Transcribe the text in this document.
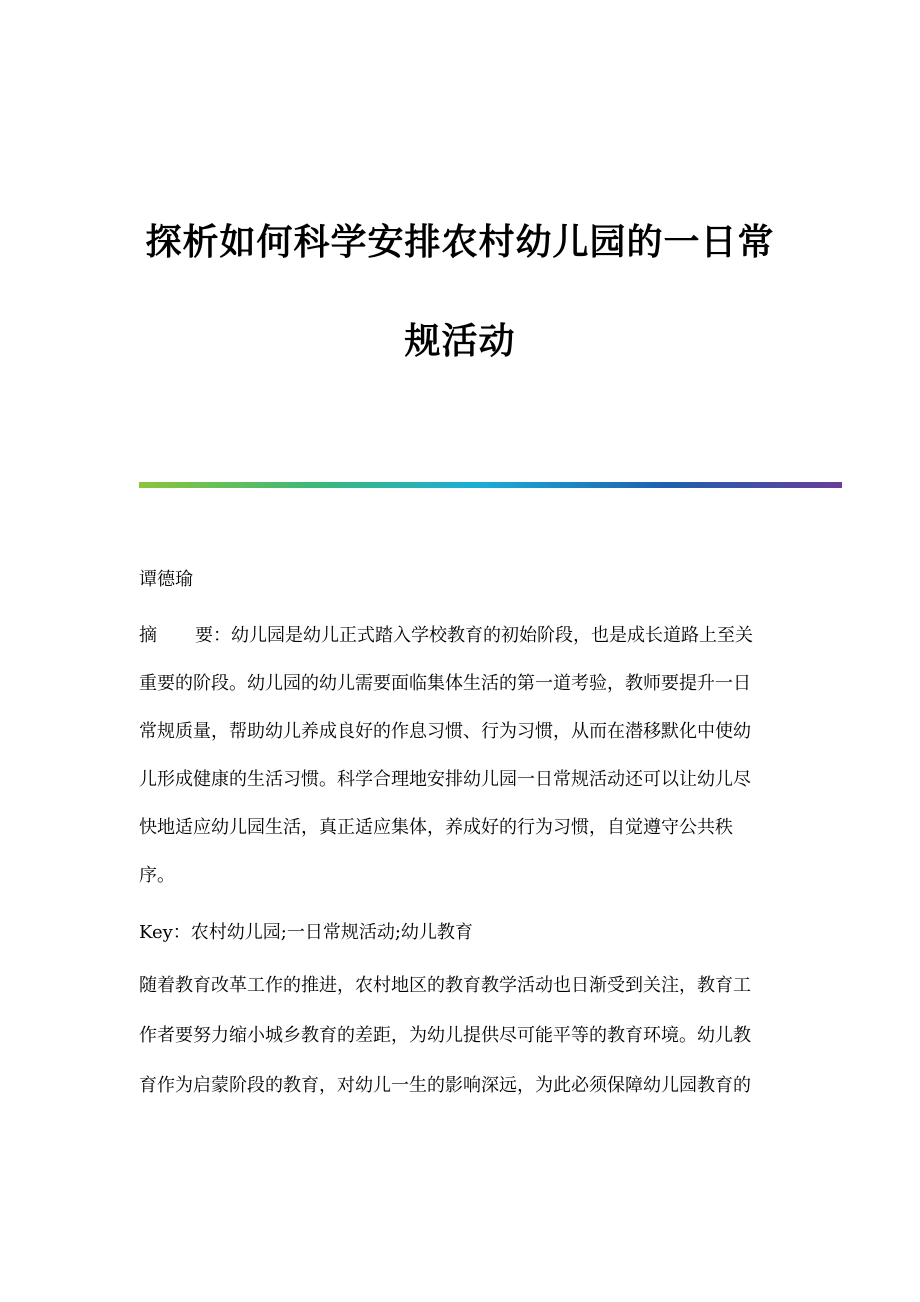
探析如何科学安排农村幼儿园的一日常
规活动

谭德瑜

摘 要：幼儿园是幼儿正式踏入学校教育的初始阶段，也是成长道路上至关
重要的阶段。幼儿园的幼儿需要面临集体生活的第一道考验，教师要提升一日
常规质量，帮助幼儿养成良好的作息习惯、行为习惯，从而在潜移默化中使幼
儿形成健康的生活习惯。科学合理地安排幼儿园一日常规活动还可以让幼儿尽
快地适应幼儿园生活，真正适应集体，养成好的行为习惯，自觉遵守公共秩
序。

Key：农村幼儿园;一日常规活动;幼儿教育

随着教育改革工作的推进，农村地区的教育教学活动也日渐受到关注，教育工
作者要努力缩小城乡教育的差距，为幼儿提供尽可能平等的教育环境。幼儿教
育作为启蒙阶段的教育，对幼儿一生的影响深远，为此必须保障幼儿园教育的
